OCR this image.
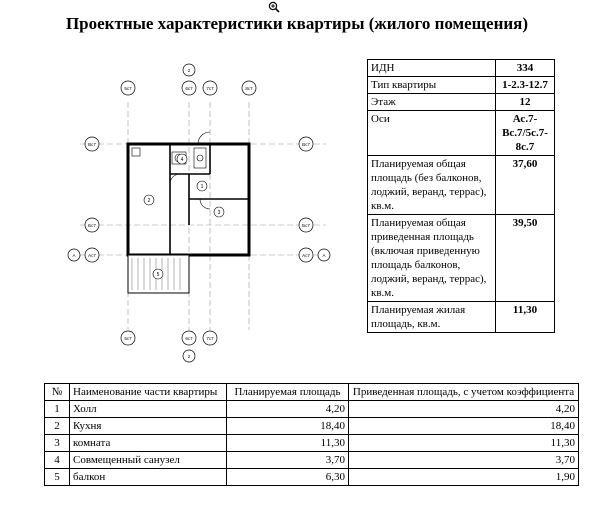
Проектные характеристики квартиры (жилого помещения)
5с7	6с7	7с7	8с7
2
5с7	6с7	7с7
2
Вс7
Бс7
Ас7
А
Вс7
Бс7
Ас7	А
1
2
3
4
5
ИДН	334
Тип квартиры	1-2.3-12.7
Этаж	12
Оси	Ас.7-Вс.7/5с.7-8с.7
Планируемая общая площадь (без балконов, лоджий, веранд, террас), кв.м.	37,60
Планируемая общая приведенная площадь (включая приведенную площадь балконов, лоджий, веранд, террас), кв.м.	39,50
Планируемая жилая площадь, кв.м.	11,30
№	Наименование части квартиры	Планируемая площадь	Приведенная площадь, с учетом коэффициента
1	Холл	4,20	4,20
2	Кухня	18,40	18,40
3	комната	11,30	11,30
4	Совмещенный санузел	3,70	3,70
5	балкон	6,30	1,90
